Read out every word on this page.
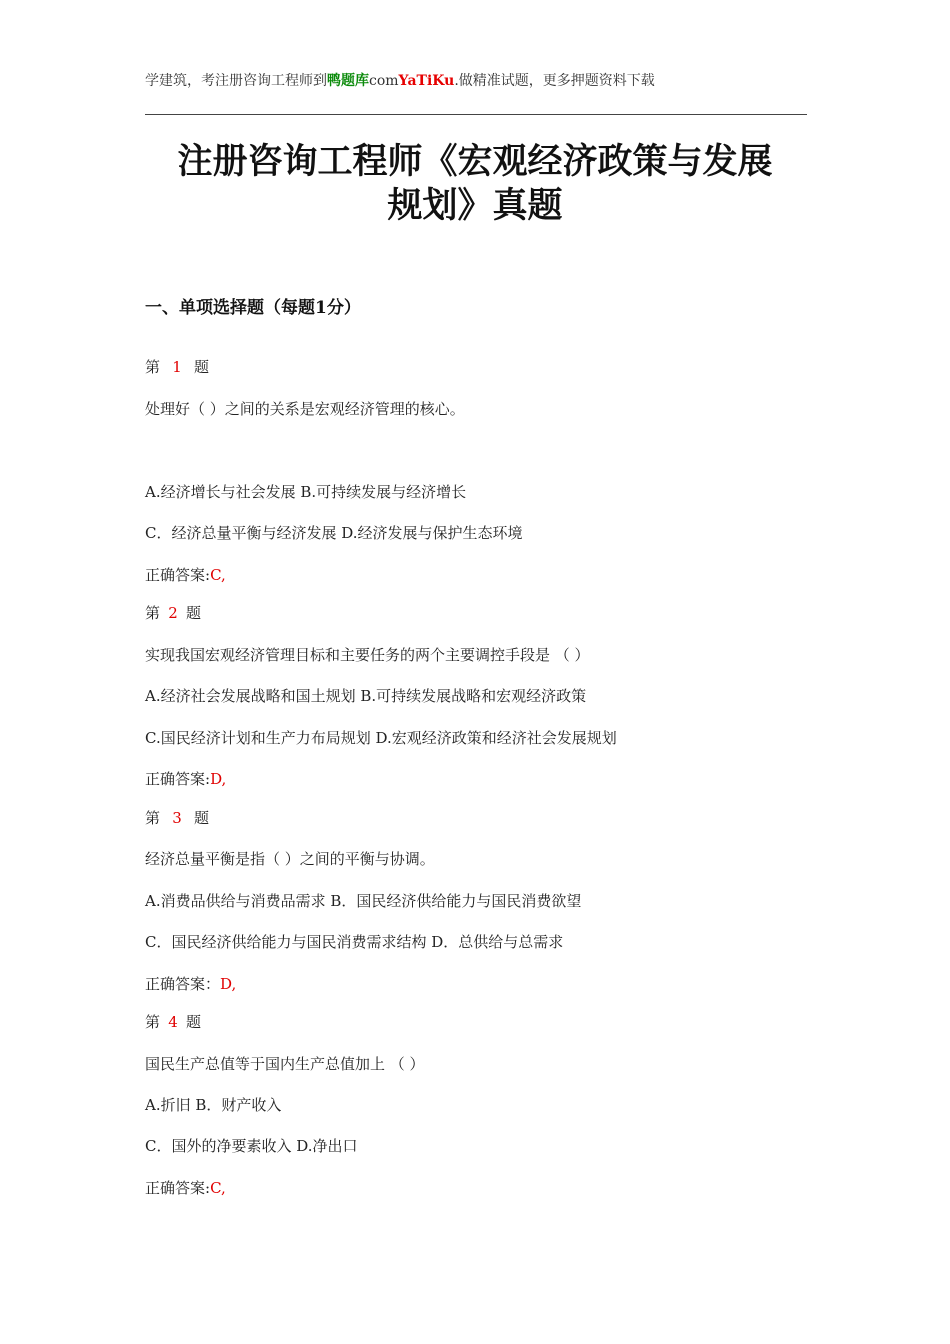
学建筑，考注册咨询工程师到鸭题库comYaTiKu.做精准试题，更多押题资料下载
注册咨询工程师《宏观经济政策与发展
规划》真题
一、单项选择题（每题1分）
第 1 题
处理好（ ）之间的关系是宏观经济管理的核心。
A.经济增长与社会发展 B.可持续发展与经济增长
C．经济总量平衡与经济发展 D.经济发展与保护生态环境
正确答案:C,
第 2 题
实现我国宏观经济管理目标和主要任务的两个主要调控手段是 （ ）
A.经济社会发展战略和国土规划 B.可持续发展战略和宏观经济政策
C.国民经济计划和生产力布局规划 D.宏观经济政策和经济社会发展规划
正确答案:D,
第 3 题
经济总量平衡是指（ ）之间的平衡与协调。
A.消费品供给与消费品需求 B．国民经济供给能力与国民消费欲望
C．国民经济供给能力与国民消费需求结构 D．总供给与总需求
正确答案：D,
第 4 题
国民生产总值等于国内生产总值加上 （ ）
A.折旧 B．财产收入
C．国外的净要素收入 D.净出口
正确答案:C,
